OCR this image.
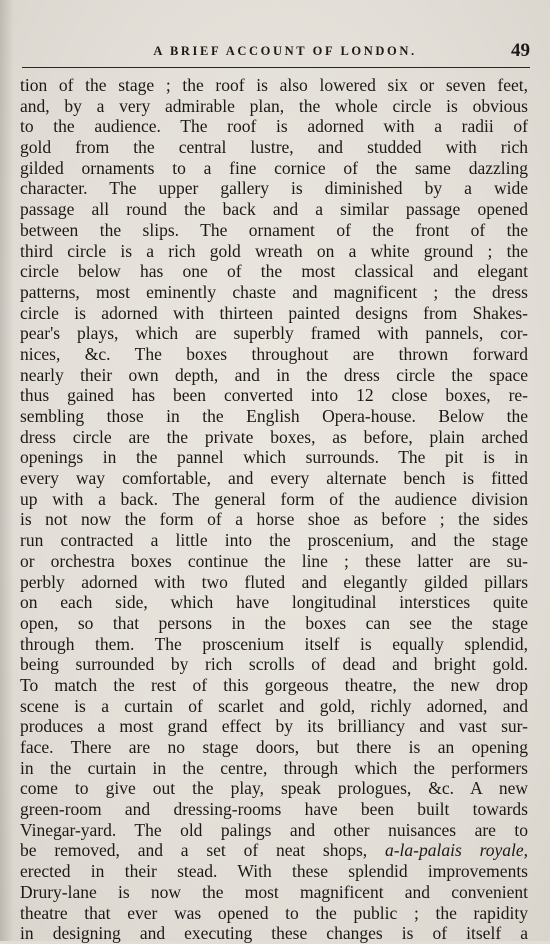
A BRIEF ACCOUNT OF LONDON.	49
tion of the stage ; the roof is also lowered six or seven feet,
and, by a very admirable plan, the whole circle is obvious
to the audience. The roof is adorned with a radii of
gold from the central lustre, and studded with rich
gilded ornaments to a fine cornice of the same dazzling
character. The upper gallery is diminished by a wide
passage all round the back and a similar passage opened
between the slips. The ornament of the front of the
third circle is a rich gold wreath on a white ground ; the
circle below has one of the most classical and elegant
patterns, most eminently chaste and magnificent ; the dress
circle is adorned with thirteen painted designs from Shakes-
pear's plays, which are superbly framed with pannels, cor-
nices, &c. The boxes throughout are thrown forward
nearly their own depth, and in the dress circle the space
thus gained has been converted into 12 close boxes, re-
sembling those in the English Opera-house. Below the
dress circle are the private boxes, as before, plain arched
openings in the pannel which surrounds. The pit is in
every way comfortable, and every alternate bench is fitted
up with a back. The general form of the audience division
is not now the form of a horse shoe as before ; the sides
run contracted a little into the proscenium, and the stage
or orchestra boxes continue the line ; these latter are su-
perbly adorned with two fluted and elegantly gilded pillars
on each side, which have longitudinal interstices quite
open, so that persons in the boxes can see the stage
through them. The proscenium itself is equally splendid,
being surrounded by rich scrolls of dead and bright gold.
To match the rest of this gorgeous theatre, the new drop
scene is a curtain of scarlet and gold, richly adorned, and
produces a most grand effect by its brilliancy and vast sur-
face. There are no stage doors, but there is an opening
in the curtain in the centre, through which the performers
come to give out the play, speak prologues, &c. A new
green-room and dressing-rooms have been built towards
Vinegar-yard. The old palings and other nuisances are to
be removed, and a set of neat shops, a-la-palais royale,
erected in their stead. With these splendid improvements
Drury-lane is now the most magnificent and convenient
theatre that ever was opened to the public ; the rapidity
in designing and executing these changes is of itself a
